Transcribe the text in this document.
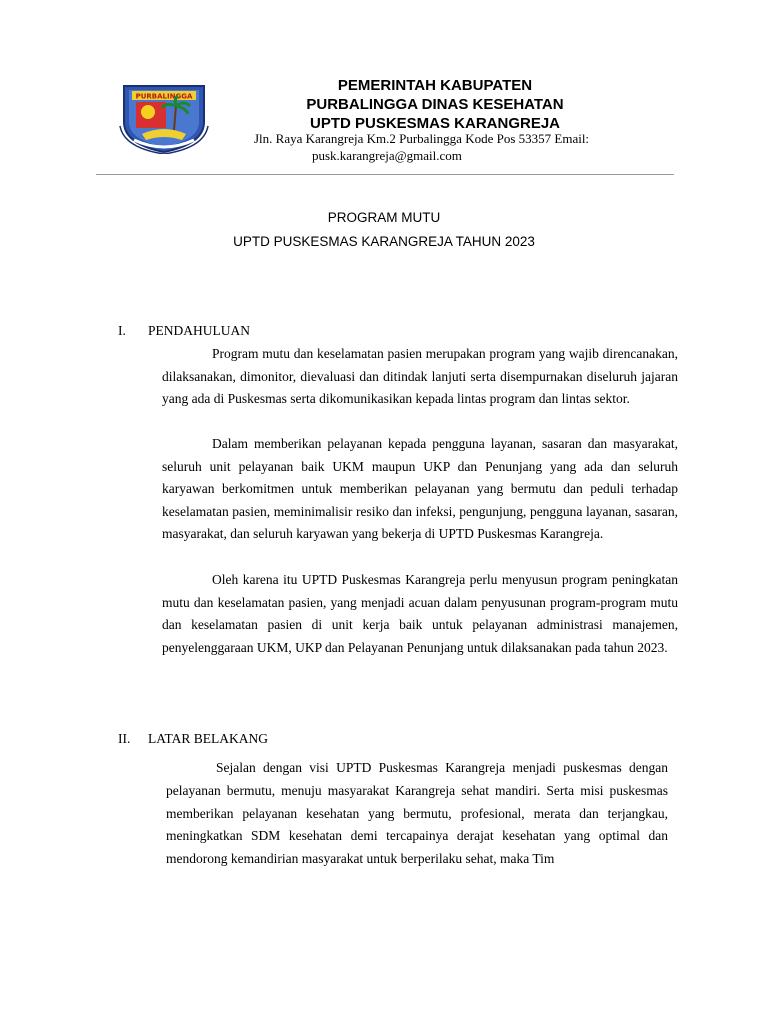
PURBALINGGA
PEMERINTAH KABUPATEN
PURBALINGGA DINAS KESEHATAN
UPTD PUSKESMAS KARANGREJA
Jln. Raya Karangreja Km.2 Purbalingga Kode Pos 53357 Email:
pusk.karangreja@gmail.com
PROGRAM MUTU
UPTD PUSKESMAS KARANGREJA TAHUN 2023
I. PENDAHULUAN

Program mutu dan keselamatan pasien merupakan program yang wajib direncanakan, dilaksanakan, dimonitor, dievaluasi dan ditindak lanjuti serta disempurnakan diseluruh jajaran yang ada di Puskesmas serta dikomunikasikan kepada lintas program dan lintas sektor.

Dalam memberikan pelayanan kepada pengguna layanan, sasaran dan masyarakat, seluruh unit pelayanan baik UKM maupun UKP dan Penunjang yang ada dan seluruh karyawan berkomitmen untuk memberikan pelayanan yang bermutu dan peduli terhadap keselamatan pasien, meminimalisir resiko dan infeksi, pengunjung, pengguna layanan, sasaran, masyarakat, dan seluruh karyawan yang bekerja di UPTD Puskesmas Karangreja.

Oleh karena itu UPTD Puskesmas Karangreja perlu menyusun program peningkatan mutu dan keselamatan pasien, yang menjadi acuan dalam penyusunan program-program mutu dan keselamatan pasien di unit kerja baik untuk pelayanan administrasi manajemen, penyelenggaraan UKM, UKP dan Pelayanan Penunjang untuk dilaksanakan pada tahun 2023.

II. LATAR BELAKANG

Sejalan dengan visi UPTD Puskesmas Karangreja menjadi puskesmas dengan pelayanan bermutu, menuju masyarakat Karangreja sehat mandiri. Serta misi puskesmas memberikan pelayanan kesehatan yang bermutu, profesional, merata dan terjangkau, meningkatkan SDM kesehatan demi tercapainya derajat kesehatan yang optimal dan mendorong kemandirian masyarakat untuk berperilaku sehat, maka Tim
